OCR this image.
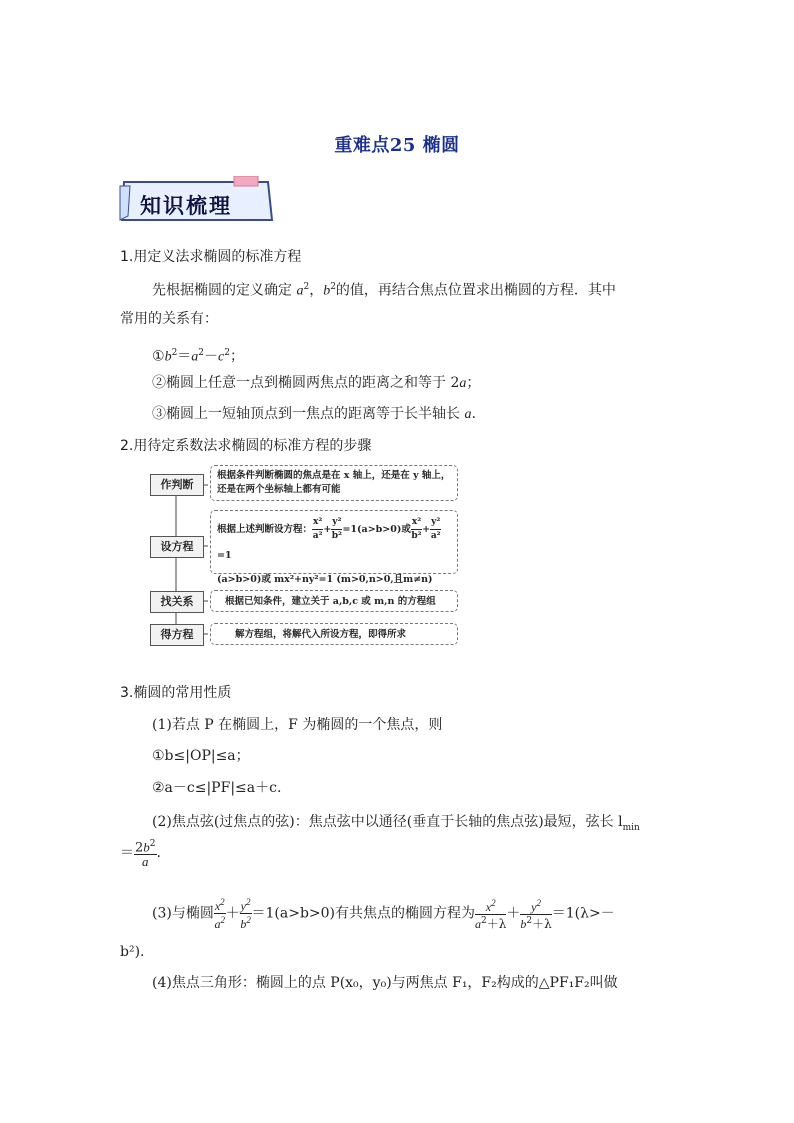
重难点25 椭圆
知识梳理
1.用定义法求椭圆的标准方程
先根据椭圆的定义确定 $a^2$，$b^2$的值，再结合焦点位置求出椭圆的方程．其中
常用的关系有：
$①b^2=a^2-c^2$；
②椭圆上任意一点到椭圆两焦点的距离之和等于 2a；
③椭圆上一短轴顶点到一焦点的距离等于长半轴长 a.
2.用待定系数法求椭圆的标准方程的步骤
作判断
根据条件判断椭圆的焦点是在 x 轴上，还是在 y 轴上，还是在两个坐标轴上都有可能
设方程
根据上述判断设方程： $\frac{\text{x²}}{\text{a²}} + \frac{\text{y²}}{\text{b²}} =1(a>b>0)$或 $\frac{\text{x²}}{\text{b²}} + \frac{\text{y²}}{\text{a²}}$
=1
(a>b>0)或 mx²+ny²=1 (m>0,n>0,且m≠n)
找关系	根据已知条件，建立关于 a,b,c 或 m,n 的方程组
得方程	解方程组，将解代入所设方程，即得所求
3.椭圆的常用性质
(1)若点 P 在椭圆上，F 为椭圆的一个焦点，则
①b≤|OP|≤a；
②a－c≤|PF|≤a＋c.
(2)焦点弦(过焦点的弦)：焦点弦中以通径(垂直于长轴的焦点弦)最短，弦长 $l_{min}$
＝ $\frac{2b^2}{a}$ .
(3)与椭圆 $\frac{x^2}{a^2} + \frac{y^2}{b^2} =1(a>b>0)$有共焦点的椭圆方程为 $\frac{x^2}{a^2+\lambda} + \frac{y^2}{b^2+\lambda} =1(\lambda>-$
b²).
(4)焦点三角形：椭圆上的点 P(x₀，y₀)与两焦点 F₁，F₂构成的△PF₁F₂叫做
